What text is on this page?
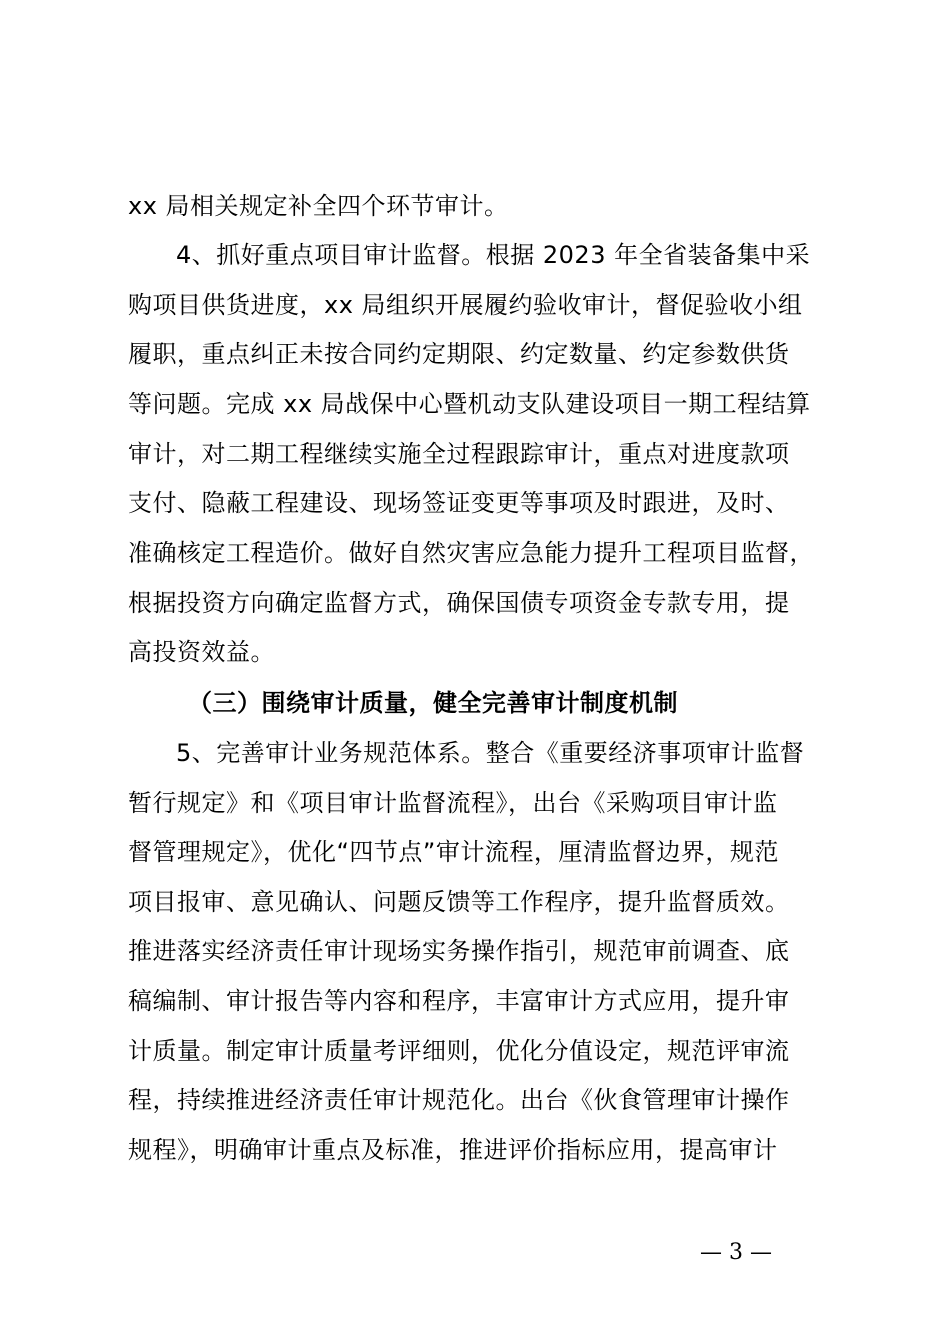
xx 局相关规定补全四个环节审计。
4、抓好重点项目审计监督。根据 2023 年全省装备集中采
购项目供货进度，xx 局组织开展履约验收审计，督促验收小组
履职，重点纠正未按合同约定期限、约定数量、约定参数供货
等问题。完成 xx 局战保中心暨机动支队建设项目一期工程结算
审计，对二期工程继续实施全过程跟踪审计，重点对进度款项
支付、隐蔽工程建设、现场签证变更等事项及时跟进，及时、
准确核定工程造价。做好自然灾害应急能力提升工程项目监督，
根据投资方向确定监督方式，确保国债专项资金专款专用，提
高投资效益。
（三）围绕审计质量，健全完善审计制度机制
5、完善审计业务规范体系。整合《重要经济事项审计监督
暂行规定》和《项目审计监督流程》，出台《采购项目审计监
督管理规定》，优化“四节点”审计流程，厘清监督边界，规范
项目报审、意见确认、问题反馈等工作程序，提升监督质效。
推进落实经济责任审计现场实务操作指引，规范审前调查、底
稿编制、审计报告等内容和程序，丰富审计方式应用，提升审
计质量。制定审计质量考评细则，优化分值设定，规范评审流
程，持续推进经济责任审计规范化。出台《伙食管理审计操作
规程》，明确审计重点及标准，推进评价指标应用，提高审计
— 3 —
